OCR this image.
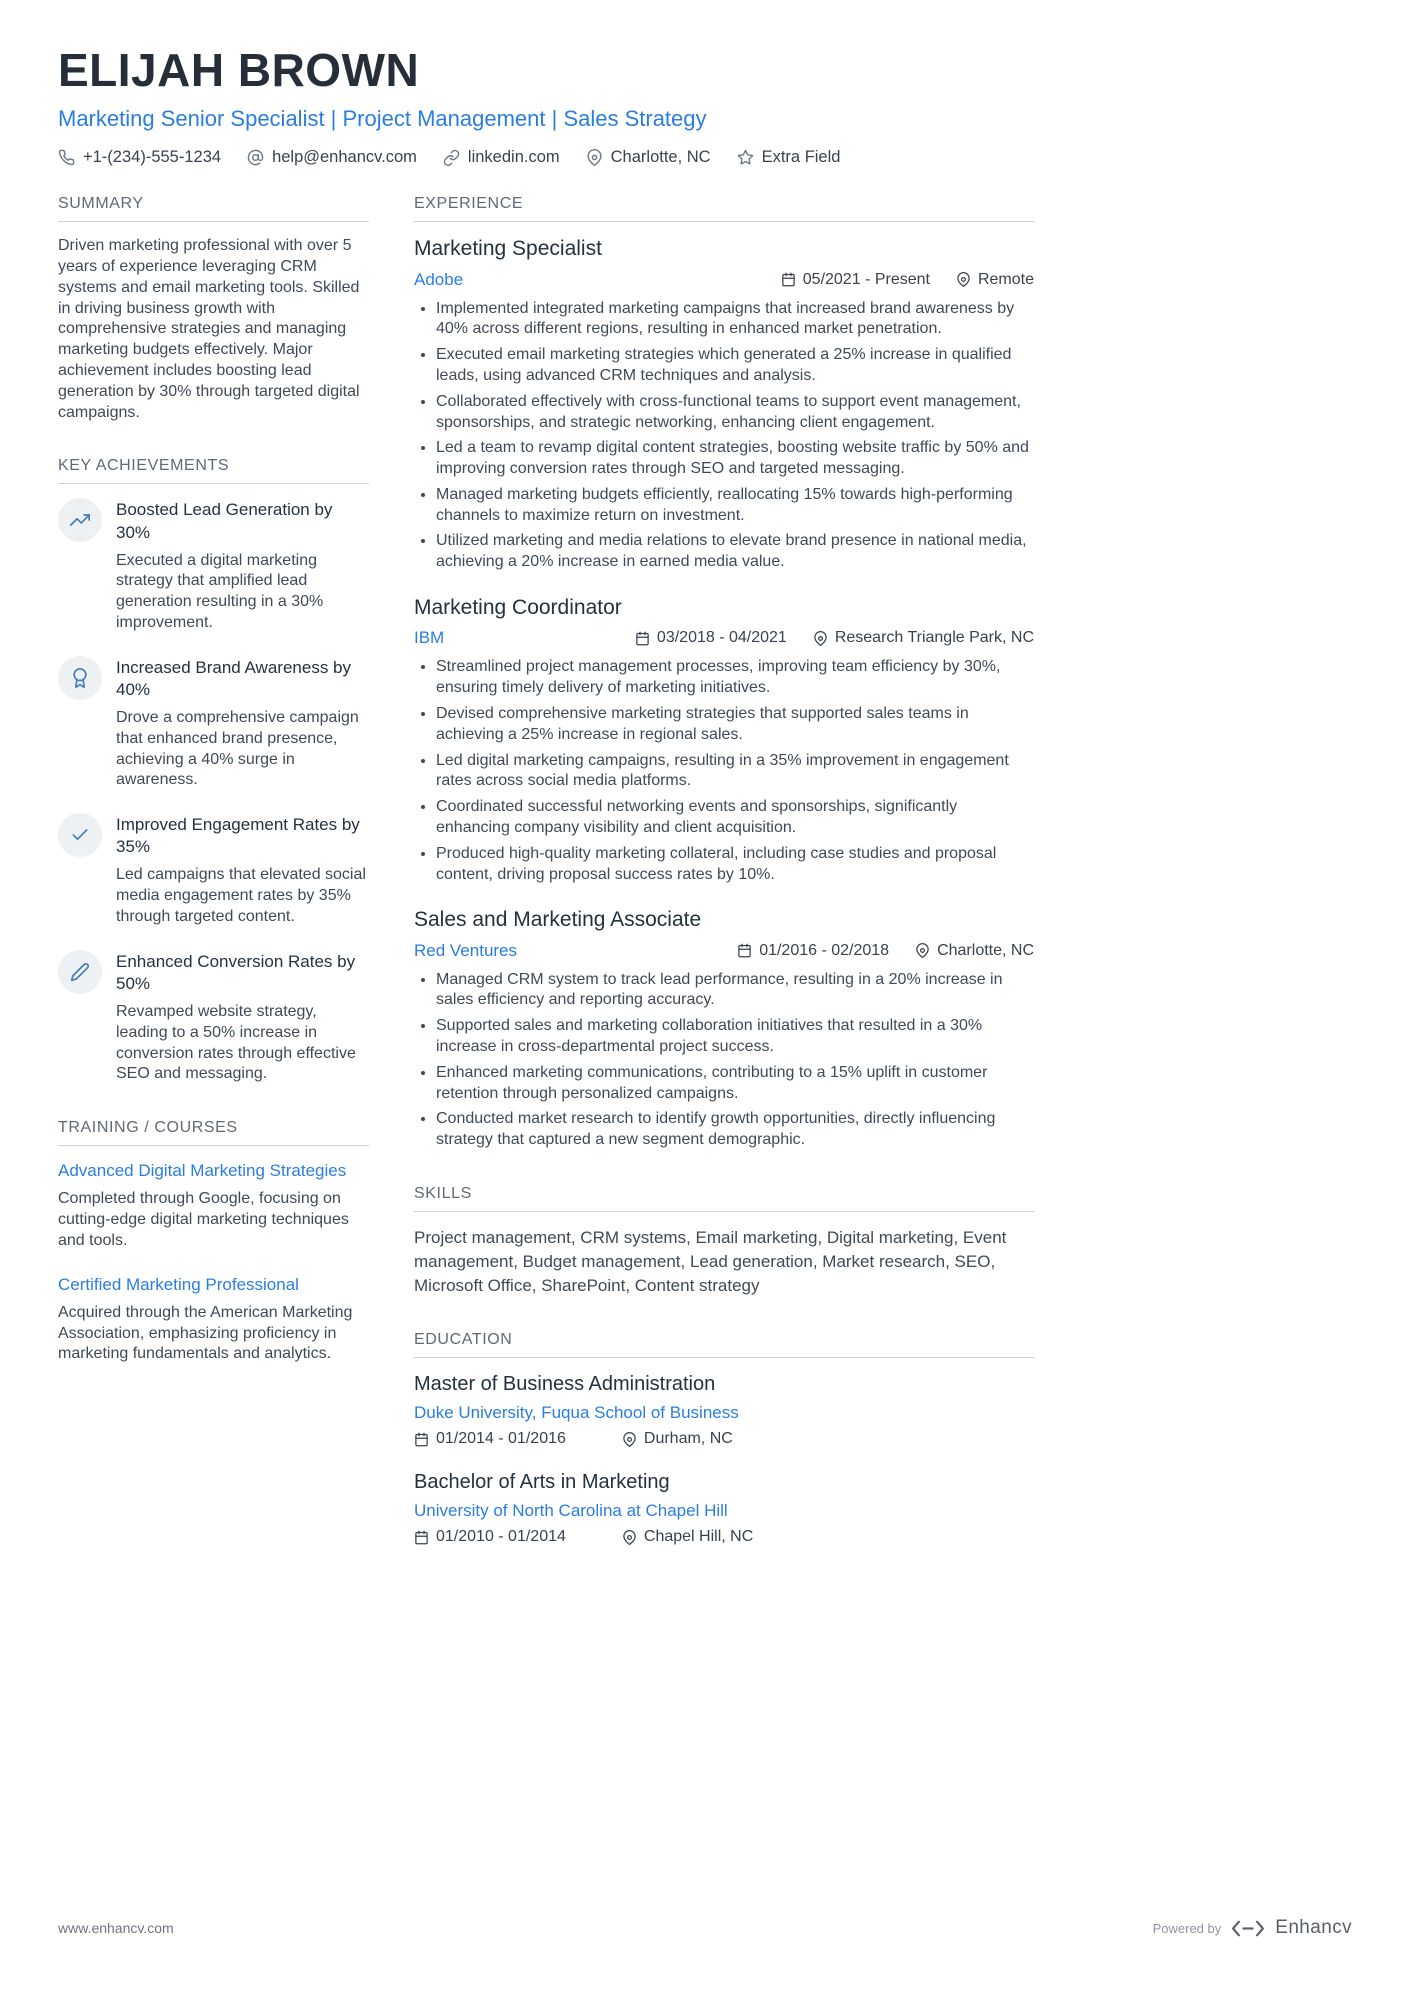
ELIJAH BROWN
Marketing Senior Specialist | Project Management | Sales Strategy
+1-(234)-555-1234	help@enhancv.com	linkedin.com	Charlotte, NC	Extra Field
SUMMARY

Driven marketing professional with over 5 years of experience leveraging CRM systems and email marketing tools. Skilled in driving business growth with comprehensive strategies and managing marketing budgets effectively. Major achievement includes boosting lead generation by 30% through targeted digital campaigns.

KEY ACHIEVEMENTS
Boosted Lead Generation by 30%

Executed a digital marketing strategy that amplified lead generation resulting in a 30% improvement.

Increased Brand Awareness by 40%

Drove a comprehensive campaign that enhanced brand presence, achieving a 40% surge in awareness.

Improved Engagement Rates by 35%

Led campaigns that elevated social media engagement rates by 35% through targeted content.

Enhanced Conversion Rates by 50%

Revamped website strategy, leading to a 50% increase in conversion rates through effective SEO and messaging.

TRAINING / COURSES
Advanced Digital Marketing Strategies

Completed through Google, focusing on cutting-edge digital marketing techniques and tools.

Certified Marketing Professional

Acquired through the American Marketing Association, emphasizing proficiency in marketing fundamentals and analytics.

EXPERIENCE
Marketing Specialist
Adobe	05/2021 - Present	Remote
• Implemented integrated marketing campaigns that increased brand awareness by 40% across different regions, resulting in enhanced market penetration.
• Executed email marketing strategies which generated a 25% increase in qualified leads, using advanced CRM techniques and analysis.
• Collaborated effectively with cross-functional teams to support event management, sponsorships, and strategic networking, enhancing client engagement.
• Led a team to revamp digital content strategies, boosting website traffic by 50% and improving conversion rates through SEO and targeted messaging.
• Managed marketing budgets efficiently, reallocating 15% towards high-performing channels to maximize return on investment.
• Utilized marketing and media relations to elevate brand presence in national media, achieving a 20% increase in earned media value.
Marketing Coordinator
IBM	03/2018 - 04/2021	Research Triangle Park, NC
• Streamlined project management processes, improving team efficiency by 30%, ensuring timely delivery of marketing initiatives.
• Devised comprehensive marketing strategies that supported sales teams in achieving a 25% increase in regional sales.
• Led digital marketing campaigns, resulting in a 35% improvement in engagement rates across social media platforms.
• Coordinated successful networking events and sponsorships, significantly enhancing company visibility and client acquisition.
• Produced high-quality marketing collateral, including case studies and proposal content, driving proposal success rates by 10%.
Sales and Marketing Associate
Red Ventures	01/2016 - 02/2018	Charlotte, NC
• Managed CRM system to track lead performance, resulting in a 20% increase in sales efficiency and reporting accuracy.
• Supported sales and marketing collaboration initiatives that resulted in a 30% increase in cross-departmental project success.
• Enhanced marketing communications, contributing to a 15% uplift in customer retention through personalized campaigns.
• Conducted market research to identify growth opportunities, directly influencing strategy that captured a new segment demographic.
SKILLS

Project management, CRM systems, Email marketing, Digital marketing, Event management, Budget management, Lead generation, Market research, SEO, Microsoft Office, SharePoint, Content strategy

EDUCATION
Master of Business Administration
Duke University, Fuqua School of Business
01/2014 - 01/2016	Durham, NC
Bachelor of Arts in Marketing
University of North Carolina at Chapel Hill
01/2010 - 01/2014	Chapel Hill, NC
www.enhancv.com	Powered by	Enhancv
